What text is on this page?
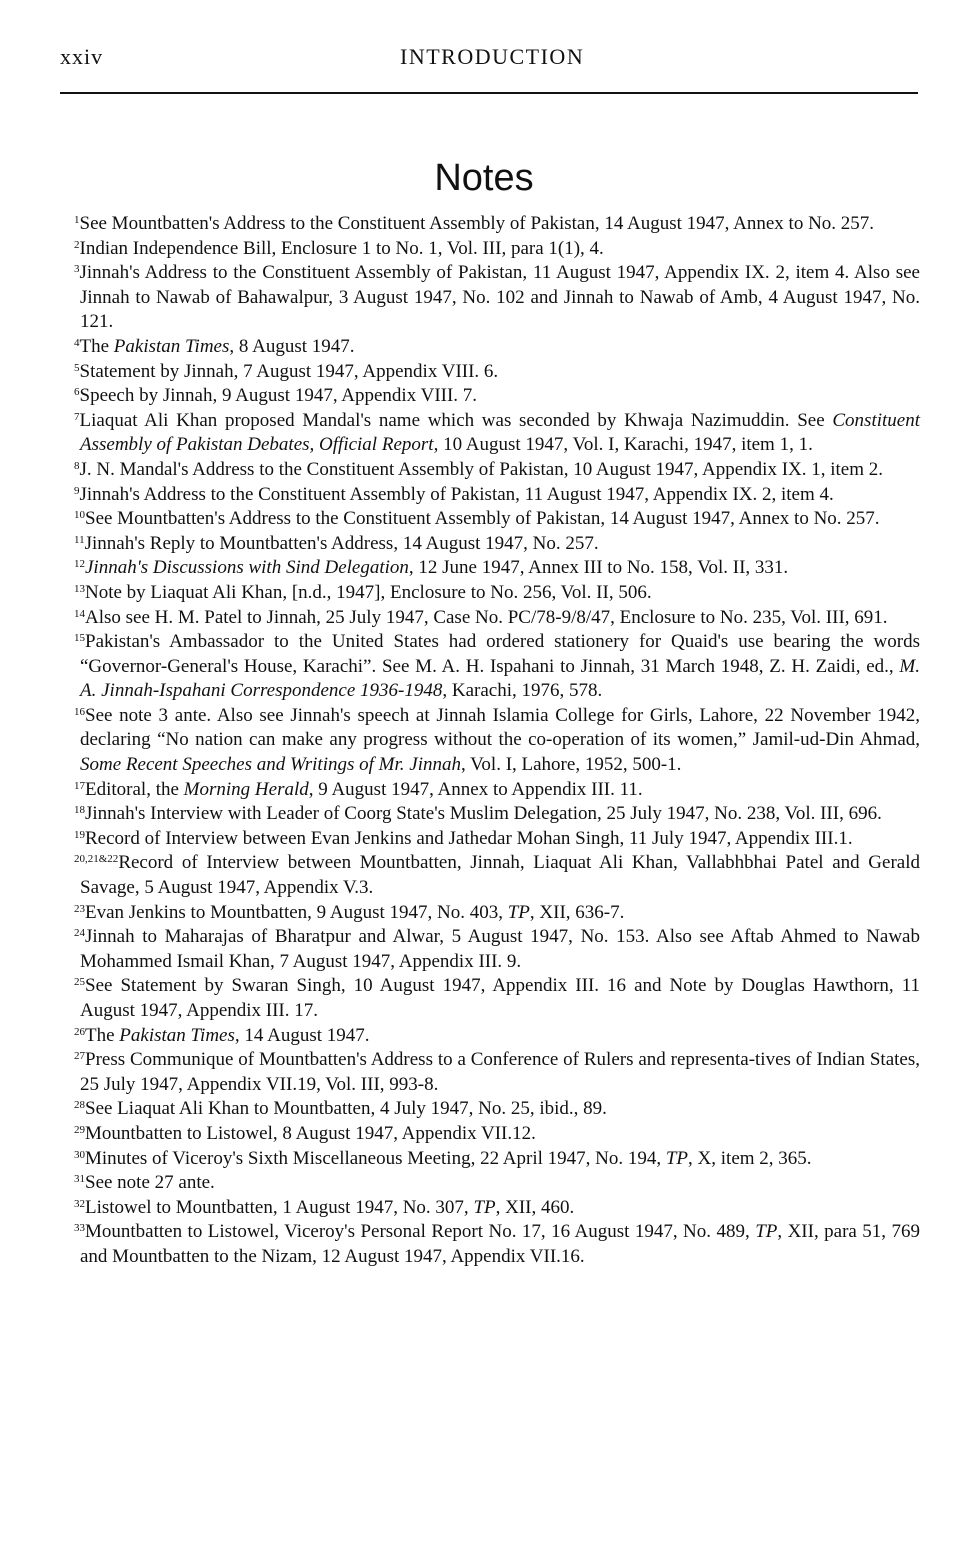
xxiv	INTRODUCTION
Notes

$^1$See Mountbatten's Address to the Constituent Assembly of Pakistan, 14 August 1947, Annex to No. 257.

$^2$Indian Independence Bill, Enclosure 1 to No. 1, Vol. III, para 1(1), 4.

$^3$Jinnah's Address to the Constituent Assembly of Pakistan, 11 August 1947, Appendix IX. 2, item 4. Also see Jinnah to Nawab of Bahawalpur, 3 August 1947, No. 102 and Jinnah to Nawab of Amb, 4 August 1947, No. 121.

$^4$The Pakistan Times, 8 August 1947.

$^5$Statement by Jinnah, 7 August 1947, Appendix VIII. 6.

$^6$Speech by Jinnah, 9 August 1947, Appendix VIII. 7.

$^7$Liaquat Ali Khan proposed Mandal's name which was seconded by Khwaja Nazimuddin. See Constituent Assembly of Pakistan Debates, Official Report, 10 August 1947, Vol. I, Karachi, 1947, item 1, 1.

$^8$J. N. Mandal's Address to the Constituent Assembly of Pakistan, 10 August 1947, Appendix IX. 1, item 2.

$^9$Jinnah's Address to the Constituent Assembly of Pakistan, 11 August 1947, Appendix IX. 2, item 4.

$^{10}$See Mountbatten's Address to the Constituent Assembly of Pakistan, 14 August 1947, Annex to No. 257.

$^{11}$Jinnah's Reply to Mountbatten's Address, 14 August 1947, No. 257.

$^{12}$Jinnah's Discussions with Sind Delegation, 12 June 1947, Annex III to No. 158, Vol. II, 331.

$^{13}$Note by Liaquat Ali Khan, [n.d., 1947], Enclosure to No. 256, Vol. II, 506.

$^{14}$Also see H. M. Patel to Jinnah, 25 July 1947, Case No. PC/78-9/8/47, Enclosure to No. 235, Vol. III, 691.

$^{15}$Pakistan's Ambassador to the United States had ordered stationery for Quaid's use bearing the words “Governor-General's House, Karachi”. See M. A. H. Ispahani to Jinnah, 31 March 1948, Z. H. Zaidi, ed., M. A. Jinnah-Ispahani Correspondence 1936-1948, Karachi, 1976, 578.

$^{16}$See note 3 ante. Also see Jinnah's speech at Jinnah Islamia College for Girls, Lahore, 22 November 1942, declaring “No nation can make any progress without the co-operation of its women,” Jamil-ud-Din Ahmad, Some Recent Speeches and Writings of Mr. Jinnah, Vol. I, Lahore, 1952, 500-1.

$^{17}$Editoral, the Morning Herald, 9 August 1947, Annex to Appendix III. 11.

$^{18}$Jinnah's Interview with Leader of Coorg State's Muslim Delegation, 25 July 1947, No. 238, Vol. III, 696.

$^{19}$Record of Interview between Evan Jenkins and Jathedar Mohan Singh, 11 July 1947, Appendix III.1.

$^{20,21\&22}$Record of Interview between Mountbatten, Jinnah, Liaquat Ali Khan, Vallabhbhai Patel and Gerald Savage, 5 August 1947, Appendix V.3.

$^{23}$Evan Jenkins to Mountbatten, 9 August 1947, No. 403, TP, XII, 636-7.

$^{24}$Jinnah to Maharajas of Bharatpur and Alwar, 5 August 1947, No. 153. Also see Aftab Ahmed to Nawab Mohammed Ismail Khan, 7 August 1947, Appendix III. 9.

$^{25}$See Statement by Swaran Singh, 10 August 1947, Appendix III. 16 and Note by Douglas Hawthorn, 11 August 1947, Appendix III. 17.

$^{26}$The Pakistan Times, 14 August 1947.

$^{27}$Press Communique of Mountbatten's Address to a Conference of Rulers and representa-tives of Indian States, 25 July 1947, Appendix VII.19, Vol. III, 993-8.

$^{28}$See Liaquat Ali Khan to Mountbatten, 4 July 1947, No. 25, ibid., 89.

$^{29}$Mountbatten to Listowel, 8 August 1947, Appendix VII.12.

$^{30}$Minutes of Viceroy's Sixth Miscellaneous Meeting, 22 April 1947, No. 194, TP, X, item 2, 365.

$^{31}$See note 27 ante.

$^{32}$Listowel to Mountbatten, 1 August 1947, No. 307, TP, XII, 460.

$^{33}$Mountbatten to Listowel, Viceroy's Personal Report No. 17, 16 August 1947, No. 489, TP, XII, para 51, 769 and Mountbatten to the Nizam, 12 August 1947, Appendix VII.16.
